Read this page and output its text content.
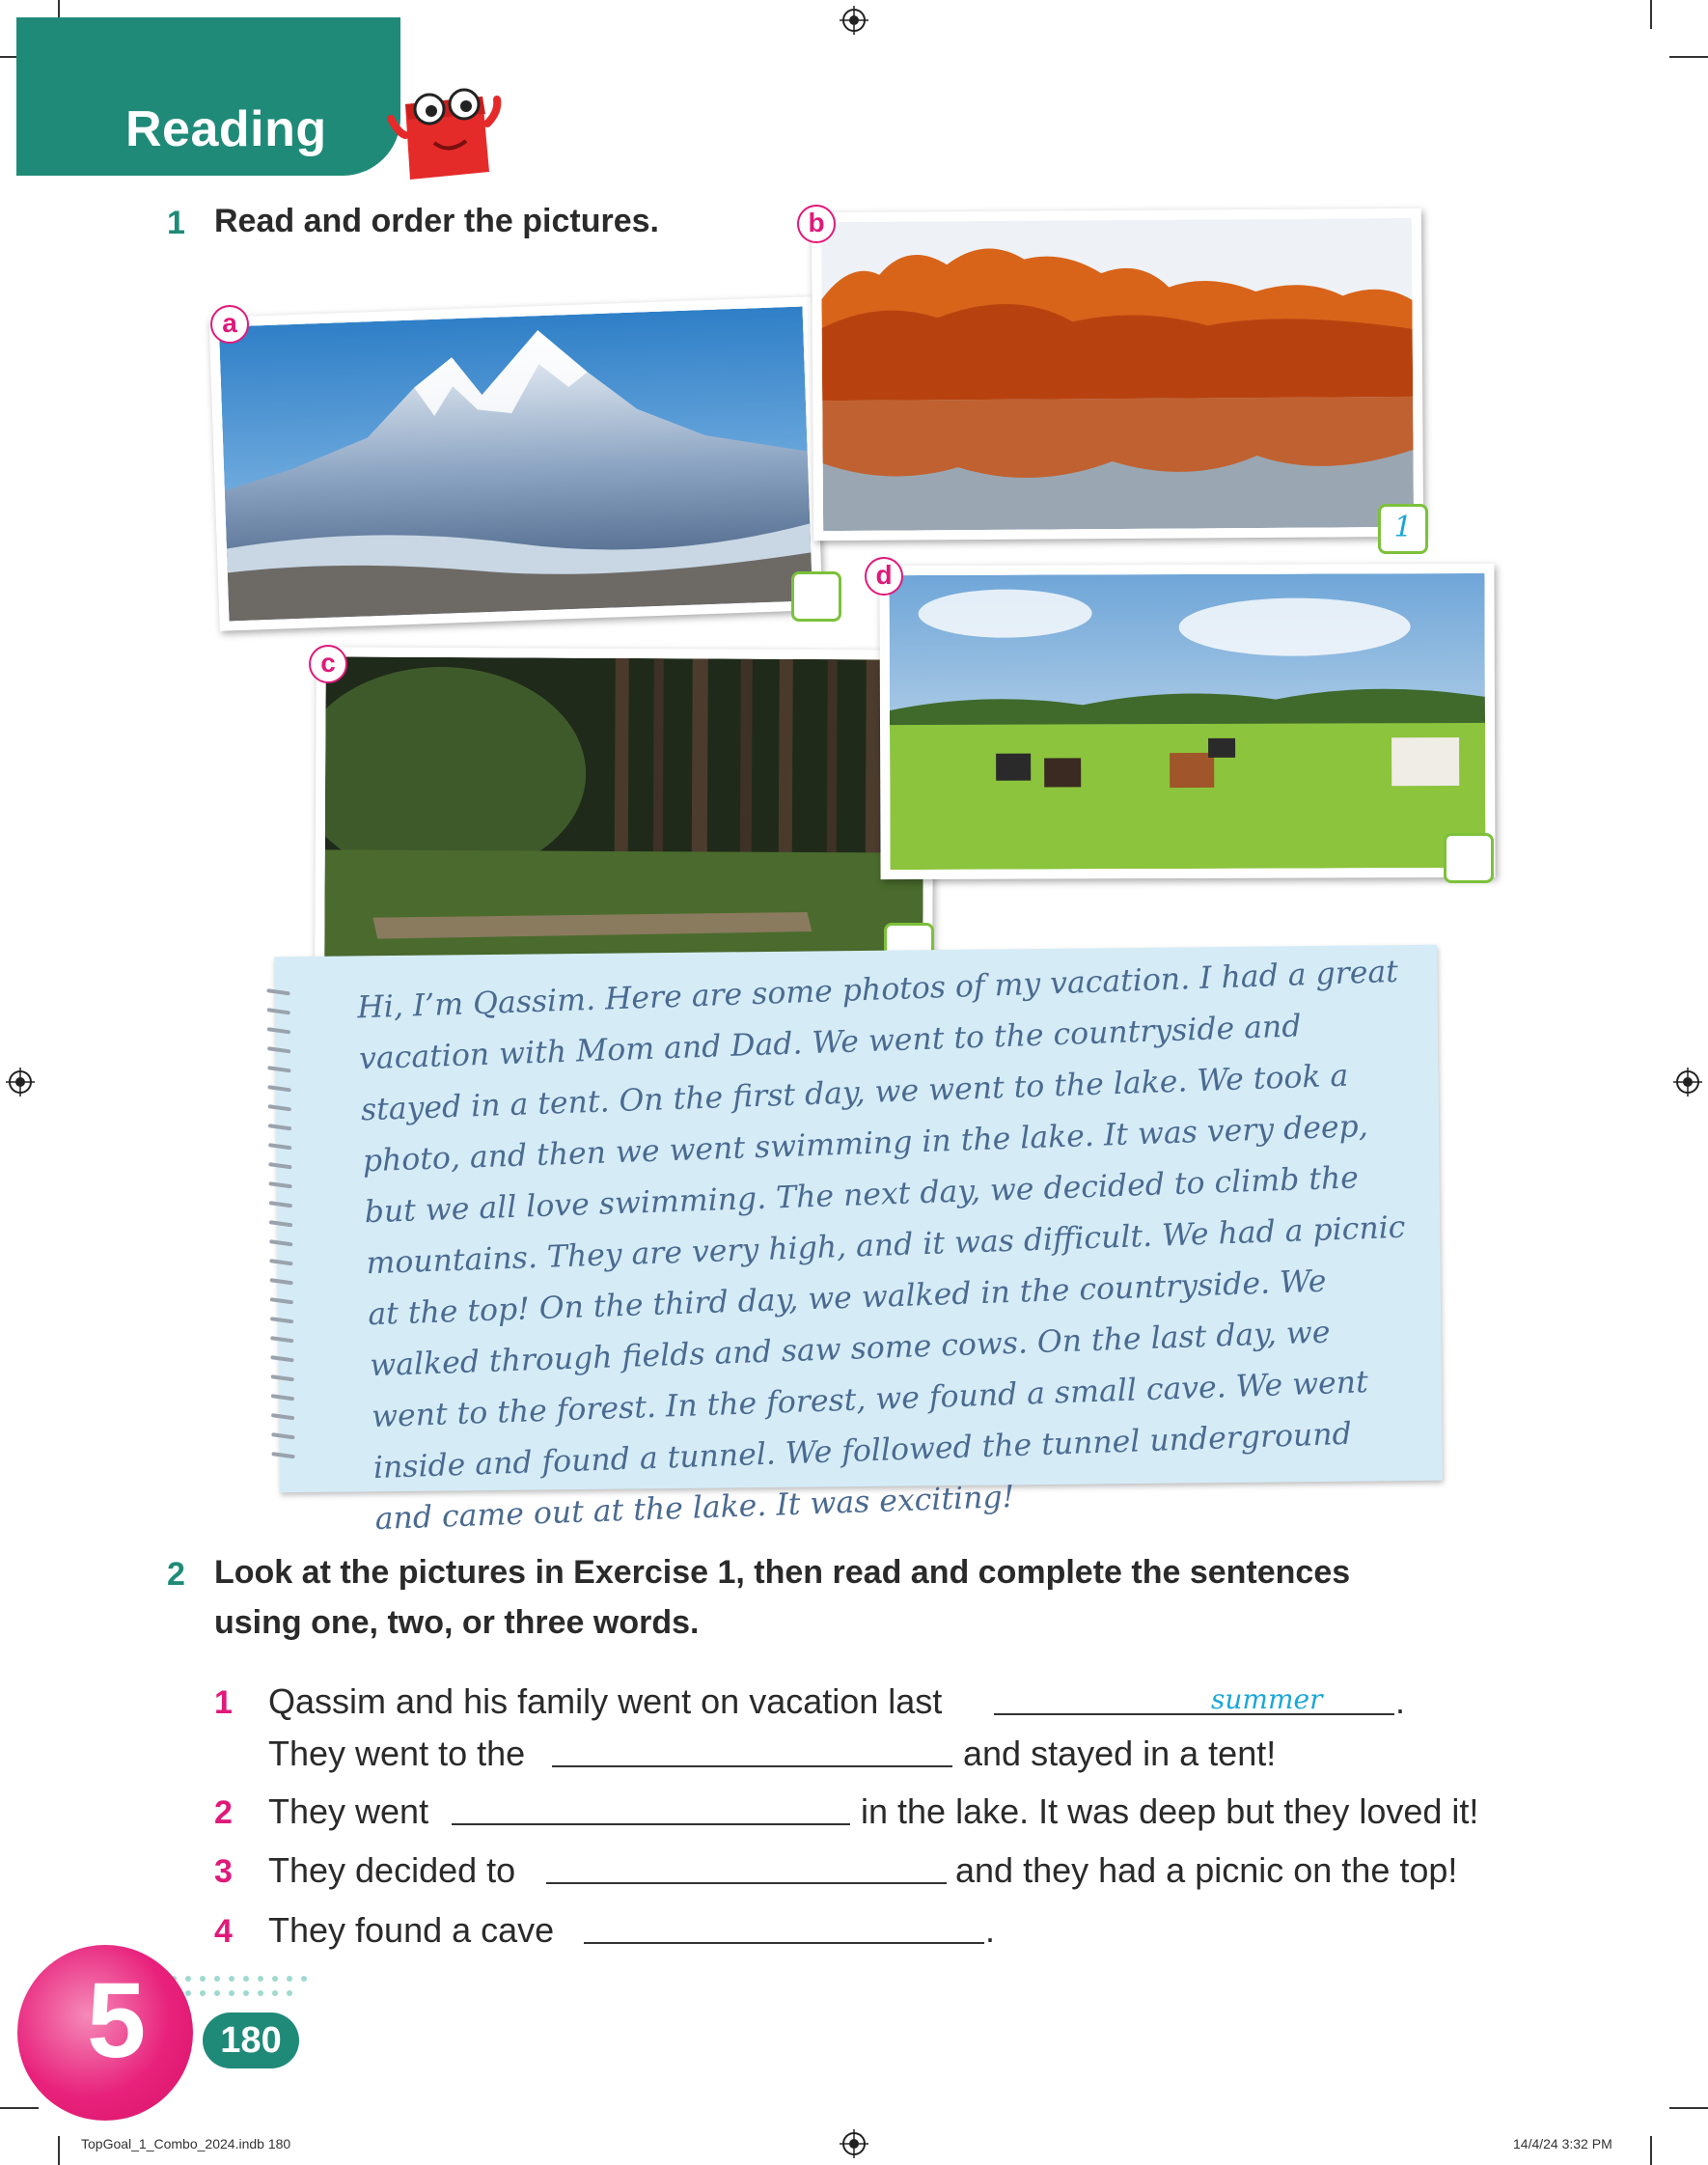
Reading
1 Read and order the pictures.
a
b
c
d
1
Hi, I’m Qassim. Here are some photos of my vacation. I had a great vacation with Mom and Dad. We went to the countryside and stayed in a tent. On the first day, we went to the lake. We took a photo, and then we went swimming in the lake. It was very deep, but we all love swimming. The next day, we decided to climb the mountains. They are very high, and it was difficult. We had a picnic at the top! On the third day, we walked in the countryside. We walked through fields and saw some cows. On the last day, we went to the forest. In the forest, we found a small cave. We went inside and found a tunnel. We followed the tunnel underground and came out at the lake. It was exciting!
2 Look at the pictures in Exercise 1, then read and complete the sentences
using one, two, or three words.
1 Qassim and his family went on vacation last	summer .
They went to the	and stayed in a tent!
2 They went	in the lake. It was deep but they loved it!
3 They decided to	and they had a picnic on the top!
4 They found a cave	.
5	180
TopGoal_1_Combo_2024.indb 180	14/4/24 3:32 PM
